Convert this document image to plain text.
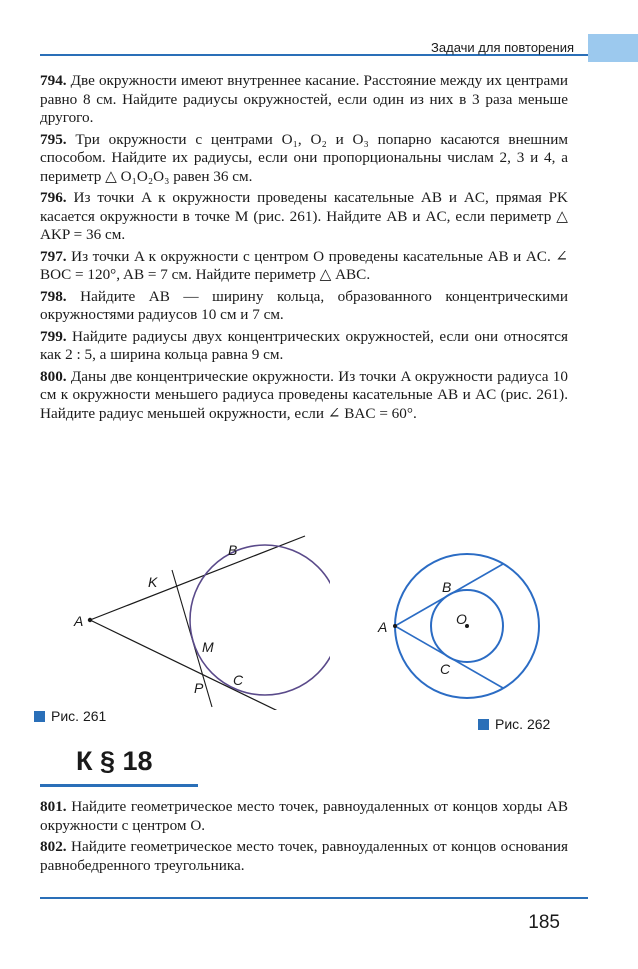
Задачи для повторения
794. Две окружности имеют внутреннее касание. Расстояние между их центрами равно 8 см. Найдите радиусы окружностей, если один из них в 3 раза меньше другого.
795. Три окружности с центрами O₁, O₂ и O₃ попарно касаются внешним способом. Найдите их радиусы, если они пропорциональны числам 2, 3 и 4, а периметр △ O₁O₂O₃ равен 36 см.
796. Из точки A к окружности проведены касательные AB и AC, прямая PK касается окружности в точке M (рис. 261). Найдите AB и AC, если периметр △ AKP = 36 см.
797. Из точки A к окружности с центром O проведены касательные AB и AC. ∠ BOC = 120°, AB = 7 см. Найдите периметр △ ABC.
798. Найдите AB — ширину кольца, образованного концентрическими окружностями радиусов 10 см и 7 см.
799. Найдите радиусы двух концентрических окружностей, если они относятся как 2 : 5, а ширина кольца равна 9 см.
800. Даны две концентрические окружности. Из точки A окружности радиуса 10 см к окружности меньшего радиуса проведены касательные AB и AC (рис. 261). Найдите радиус меньшей окружности, если ∠ BAC = 60°.
A
B
K
M
P C
Рис. 261
A
B
O
C
Рис. 262
К § 18
801. Найдите геометрическое место точек, равноудаленных от концов хорды AB окружности с центром O.
802. Найдите геометрическое место точек, равноудаленных от концов основания равнобедренного треугольника.
185
